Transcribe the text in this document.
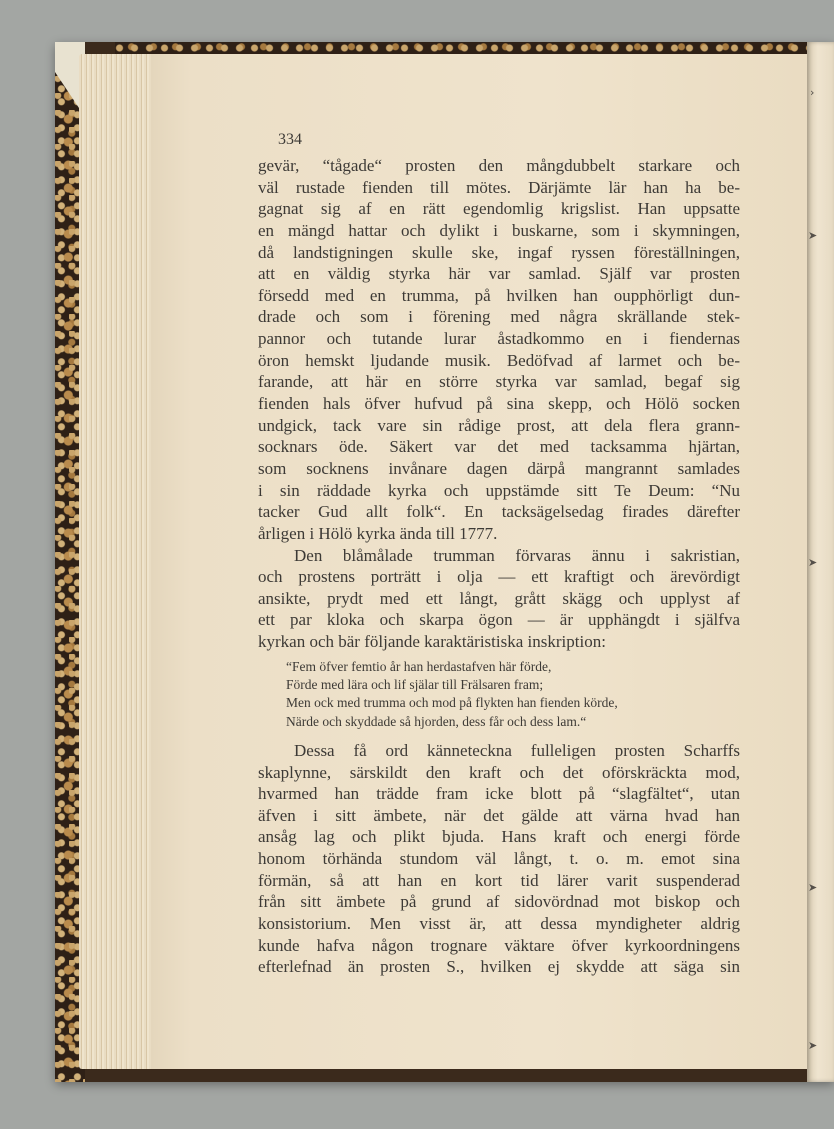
›
➤
➤
➤
➤
334
gevär, “tågade“ prosten den mångdubbelt starkare och
väl rustade fienden till mötes. Därjämte lär han ha be-
gagnat sig af en rätt egendomlig krigslist. Han uppsatte
en mängd hattar och dylikt i buskarne, som i skymningen,
då landstigningen skulle ske, ingaf ryssen föreställningen,
att en väldig styrka här var samlad. Själf var prosten
försedd med en trumma, på hvilken han oupphörligt dun-
drade och som i förening med några skrällande stek-
pannor och tutande lurar åstadkommo en i fiendernas
öron hemskt ljudande musik. Bedöfvad af larmet och be-
farande, att här en större styrka var samlad, begaf sig
fienden hals öfver hufvud på sina skepp, och Hölö socken
undgick, tack vare sin rådige prost, att dela flera grann-
socknars öde. Säkert var det med tacksamma hjärtan,
som socknens invånare dagen därpå mangrannt samlades
i sin räddade kyrka och uppstämde sitt Te Deum: “Nu
tacker Gud allt folk“. En tacksägelsedag firades därefter
årligen i Hölö kyrka ända till 1777.
Den blåmålade trumman förvaras ännu i sakristian,
och prostens porträtt i olja — ett kraftigt och ärevördigt
ansikte, prydt med ett långt, grått skägg och upplyst af
ett par kloka och skarpa ögon — är upphängdt i själfva
kyrkan och bär följande karaktäristiska inskription:
“Fem öfver femtio år han herdastafven här förde,
Förde med lära och lif själar till Frälsaren fram;
Men ock med trumma och mod på flykten han fienden körde,
Närde och skyddade så hjorden, dess får och dess lam.“
Dessa få ord känneteckna fulleligen prosten Scharffs
skaplynne, särskildt den kraft och det oförskräckta mod,
hvarmed han trädde fram icke blott på “slagfältet“, utan
äfven i sitt ämbete, när det gälde att värna hvad han
ansåg lag och plikt bjuda. Hans kraft och energi förde
honom törhända stundom väl långt, t. o. m. emot sina
förmän, så att han en kort tid lärer varit suspenderad
från sitt ämbete på grund af sidovördnad mot biskop och
konsistorium. Men visst är, att dessa myndigheter aldrig
kunde hafva någon trognare väktare öfver kyrkoordningens
efterlefnad än prosten S., hvilken ej skydde att säga sin
